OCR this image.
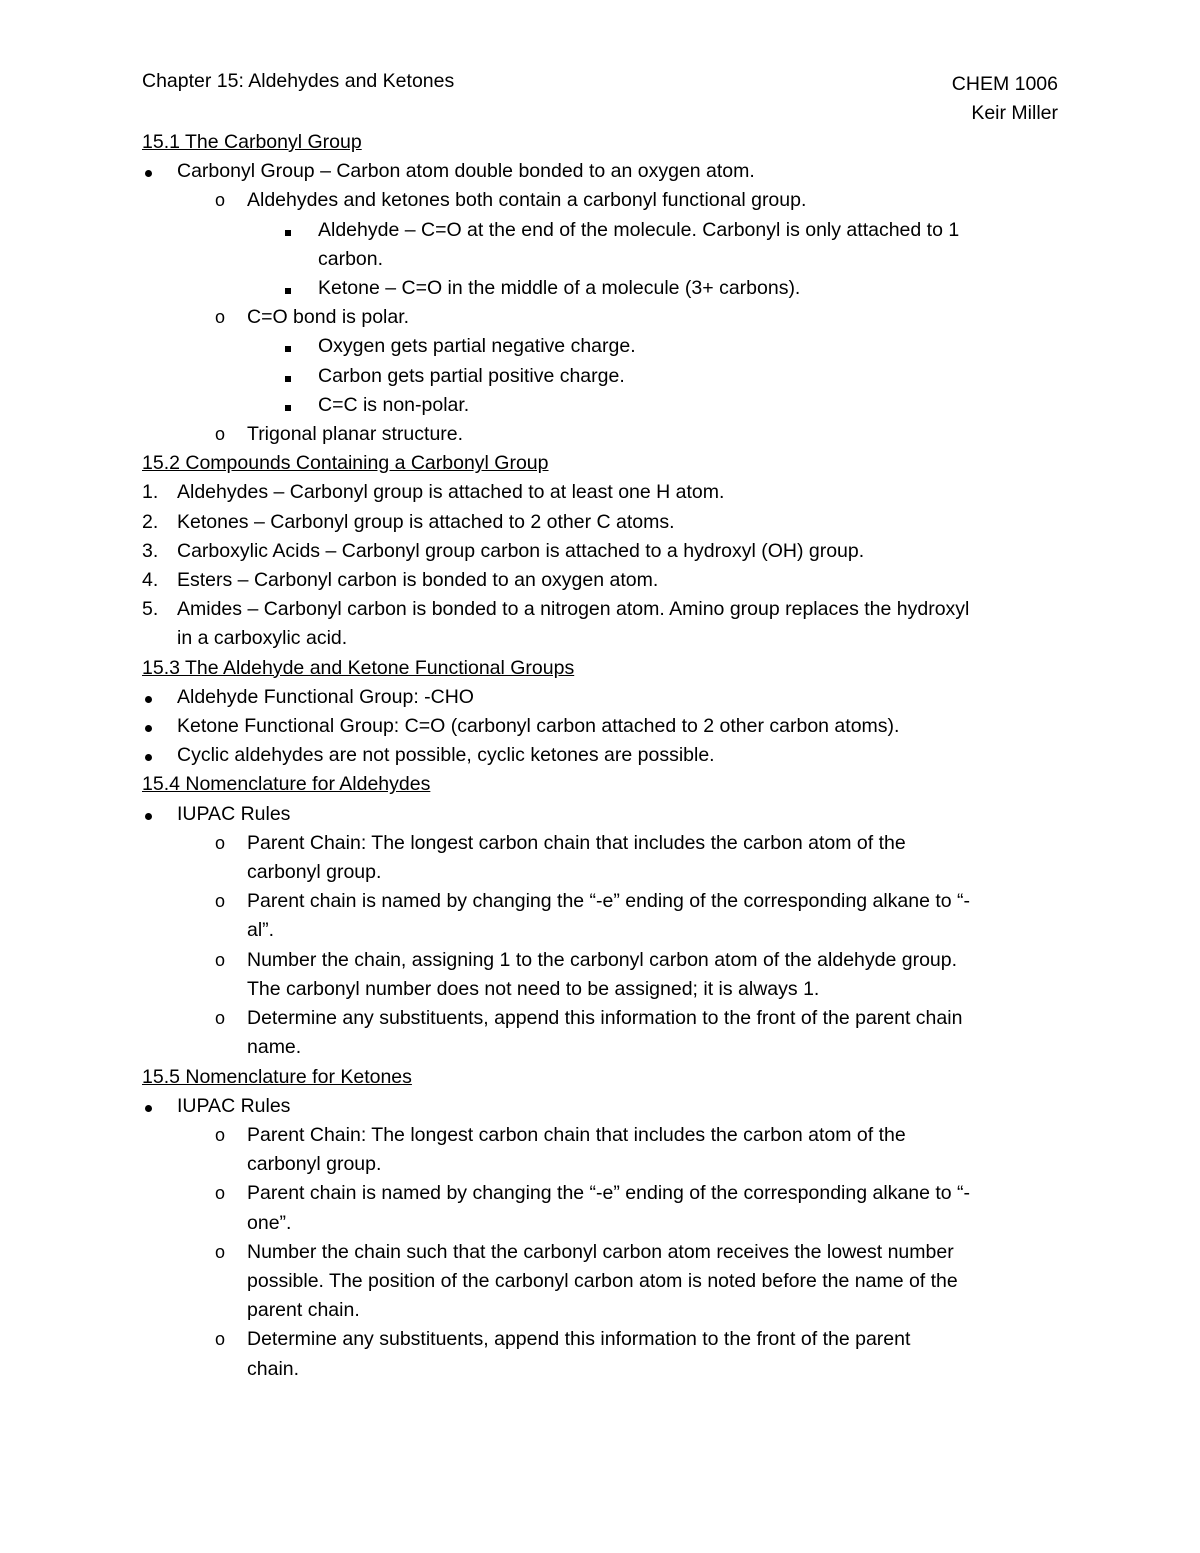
Chapter 15: Aldehydes and Ketones	CHEM 1006
Keir Miller
15.1 The Carbonyl Group
Carbonyl Group – Carbon atom double bonded to an oxygen atom.
o Aldehydes and ketones both contain a carbonyl functional group.
Aldehyde – C=O at the end of the molecule. Carbonyl is only attached to 1
carbon.
Ketone – C=O in the middle of a molecule (3+ carbons).
o C=O bond is polar.
Oxygen gets partial negative charge.
Carbon gets partial positive charge.
C=C is non-polar.
o Trigonal planar structure.
15.2 Compounds Containing a Carbonyl Group
1. Aldehydes – Carbonyl group is attached to at least one H atom.
2. Ketones – Carbonyl group is attached to 2 other C atoms.
3. Carboxylic Acids – Carbonyl group carbon is attached to a hydroxyl (OH) group.
4. Esters – Carbonyl carbon is bonded to an oxygen atom.
5. Amides – Carbonyl carbon is bonded to a nitrogen atom. Amino group replaces the hydroxyl
in a carboxylic acid.
15.3 The Aldehyde and Ketone Functional Groups
Aldehyde Functional Group: -CHO
Ketone Functional Group: C=O (carbonyl carbon attached to 2 other carbon atoms).
Cyclic aldehydes are not possible, cyclic ketones are possible.
15.4 Nomenclature for Aldehydes
IUPAC Rules
o Parent Chain: The longest carbon chain that includes the carbon atom of the
carbonyl group.
o Parent chain is named by changing the “-e” ending of the corresponding alkane to “-
al”.
o Number the chain, assigning 1 to the carbonyl carbon atom of the aldehyde group.
The carbonyl number does not need to be assigned; it is always 1.
o Determine any substituents, append this information to the front of the parent chain
name.
15.5 Nomenclature for Ketones
IUPAC Rules
o Parent Chain: The longest carbon chain that includes the carbon atom of the
carbonyl group.
o Parent chain is named by changing the “-e” ending of the corresponding alkane to “-
one”.
o Number the chain such that the carbonyl carbon atom receives the lowest number
possible. The position of the carbonyl carbon atom is noted before the name of the
parent chain.
o Determine any substituents, append this information to the front of the parent
chain.
